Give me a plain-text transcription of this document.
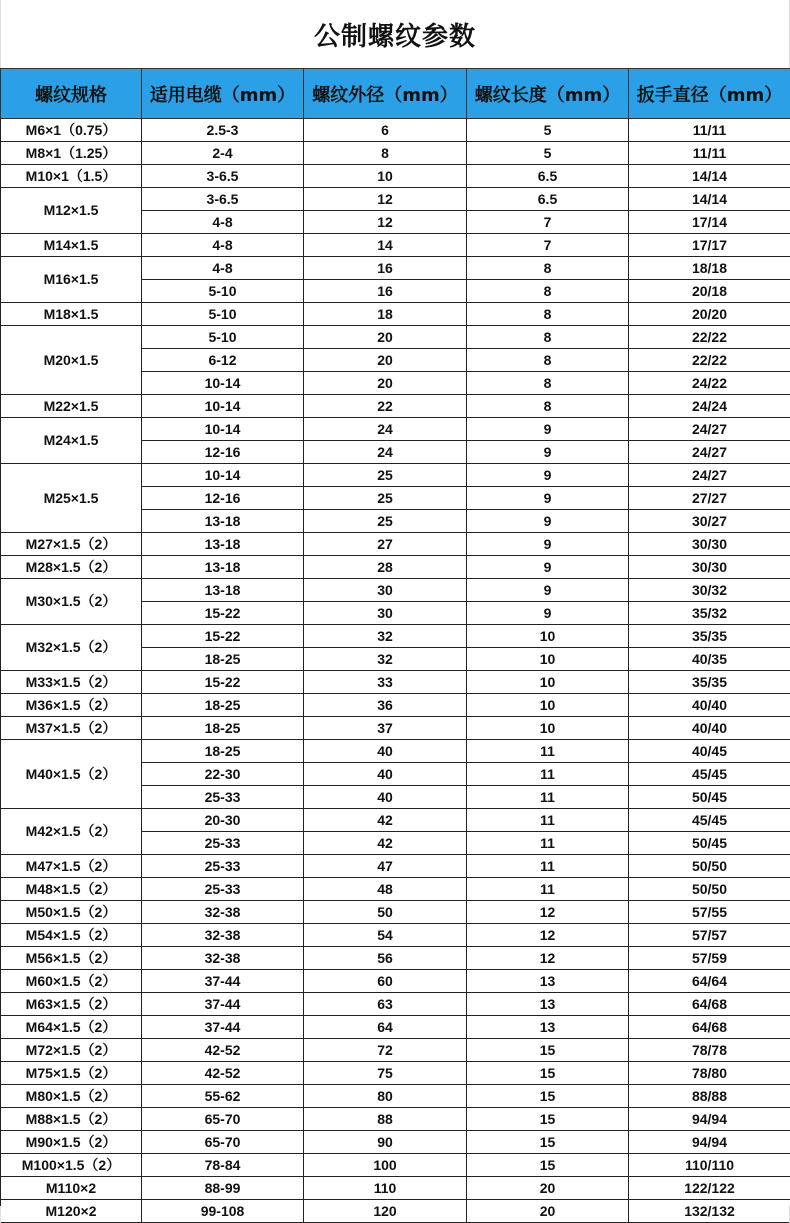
公制螺纹参数
螺纹规格	适用电缆（mm）	螺纹外径（mm）	螺纹长度（mm）	扳手直径（mm）
M6×1（0.75）	2.5-3	6	5	11/11
M8×1（1.25）	2-4	8	5	11/11
M10×1（1.5）	3-6.5	10	6.5	14/14
M12×1.5	3-6.5	12	6.5	14/14
	4-8	12	7	17/14
M14×1.5	4-8	14	7	17/17
M16×1.5	4-8	16	8	18/18
	5-10	16	8	20/18
M18×1.5	5-10	18	8	20/20
M20×1.5	5-10	20	8	22/22
	6-12	20	8	22/22
	10-14	20	8	24/22
M22×1.5	10-14	22	8	24/24
M24×1.5	10-14	24	9	24/27
	12-16	24	9	24/27
M25×1.5	10-14	25	9	24/27
	12-16	25	9	27/27
	13-18	25	9	30/27
M27×1.5（2）	13-18	27	9	30/30
M28×1.5（2）	13-18	28	9	30/30
M30×1.5（2）	13-18	30	9	30/32
	15-22	30	9	35/32
M32×1.5（2）	15-22	32	10	35/35
	18-25	32	10	40/35
M33×1.5（2）	15-22	33	10	35/35
M36×1.5（2）	18-25	36	10	40/40
M37×1.5（2）	18-25	37	10	40/40
M40×1.5（2）	18-25	40	11	40/45
	22-30	40	11	45/45
	25-33	40	11	50/45
M42×1.5（2）	20-30	42	11	45/45
	25-33	42	11	50/45
M47×1.5（2）	25-33	47	11	50/50
M48×1.5（2）	25-33	48	11	50/50
M50×1.5（2）	32-38	50	12	57/55
M54×1.5（2）	32-38	54	12	57/57
M56×1.5（2）	32-38	56	12	57/59
M60×1.5（2）	37-44	60	13	64/64
M63×1.5（2）	37-44	63	13	64/68
M64×1.5（2）	37-44	64	13	64/68
M72×1.5（2）	42-52	72	15	78/78
M75×1.5（2）	42-52	75	15	78/80
M80×1.5（2）	55-62	80	15	88/88
M88×1.5（2）	65-70	88	15	94/94
M90×1.5（2）	65-70	90	15	94/94
M100×1.5（2）	78-84	100	15	110/110
M110×2	88-99	110	20	122/122
M120×2	99-108	120	20	132/132
